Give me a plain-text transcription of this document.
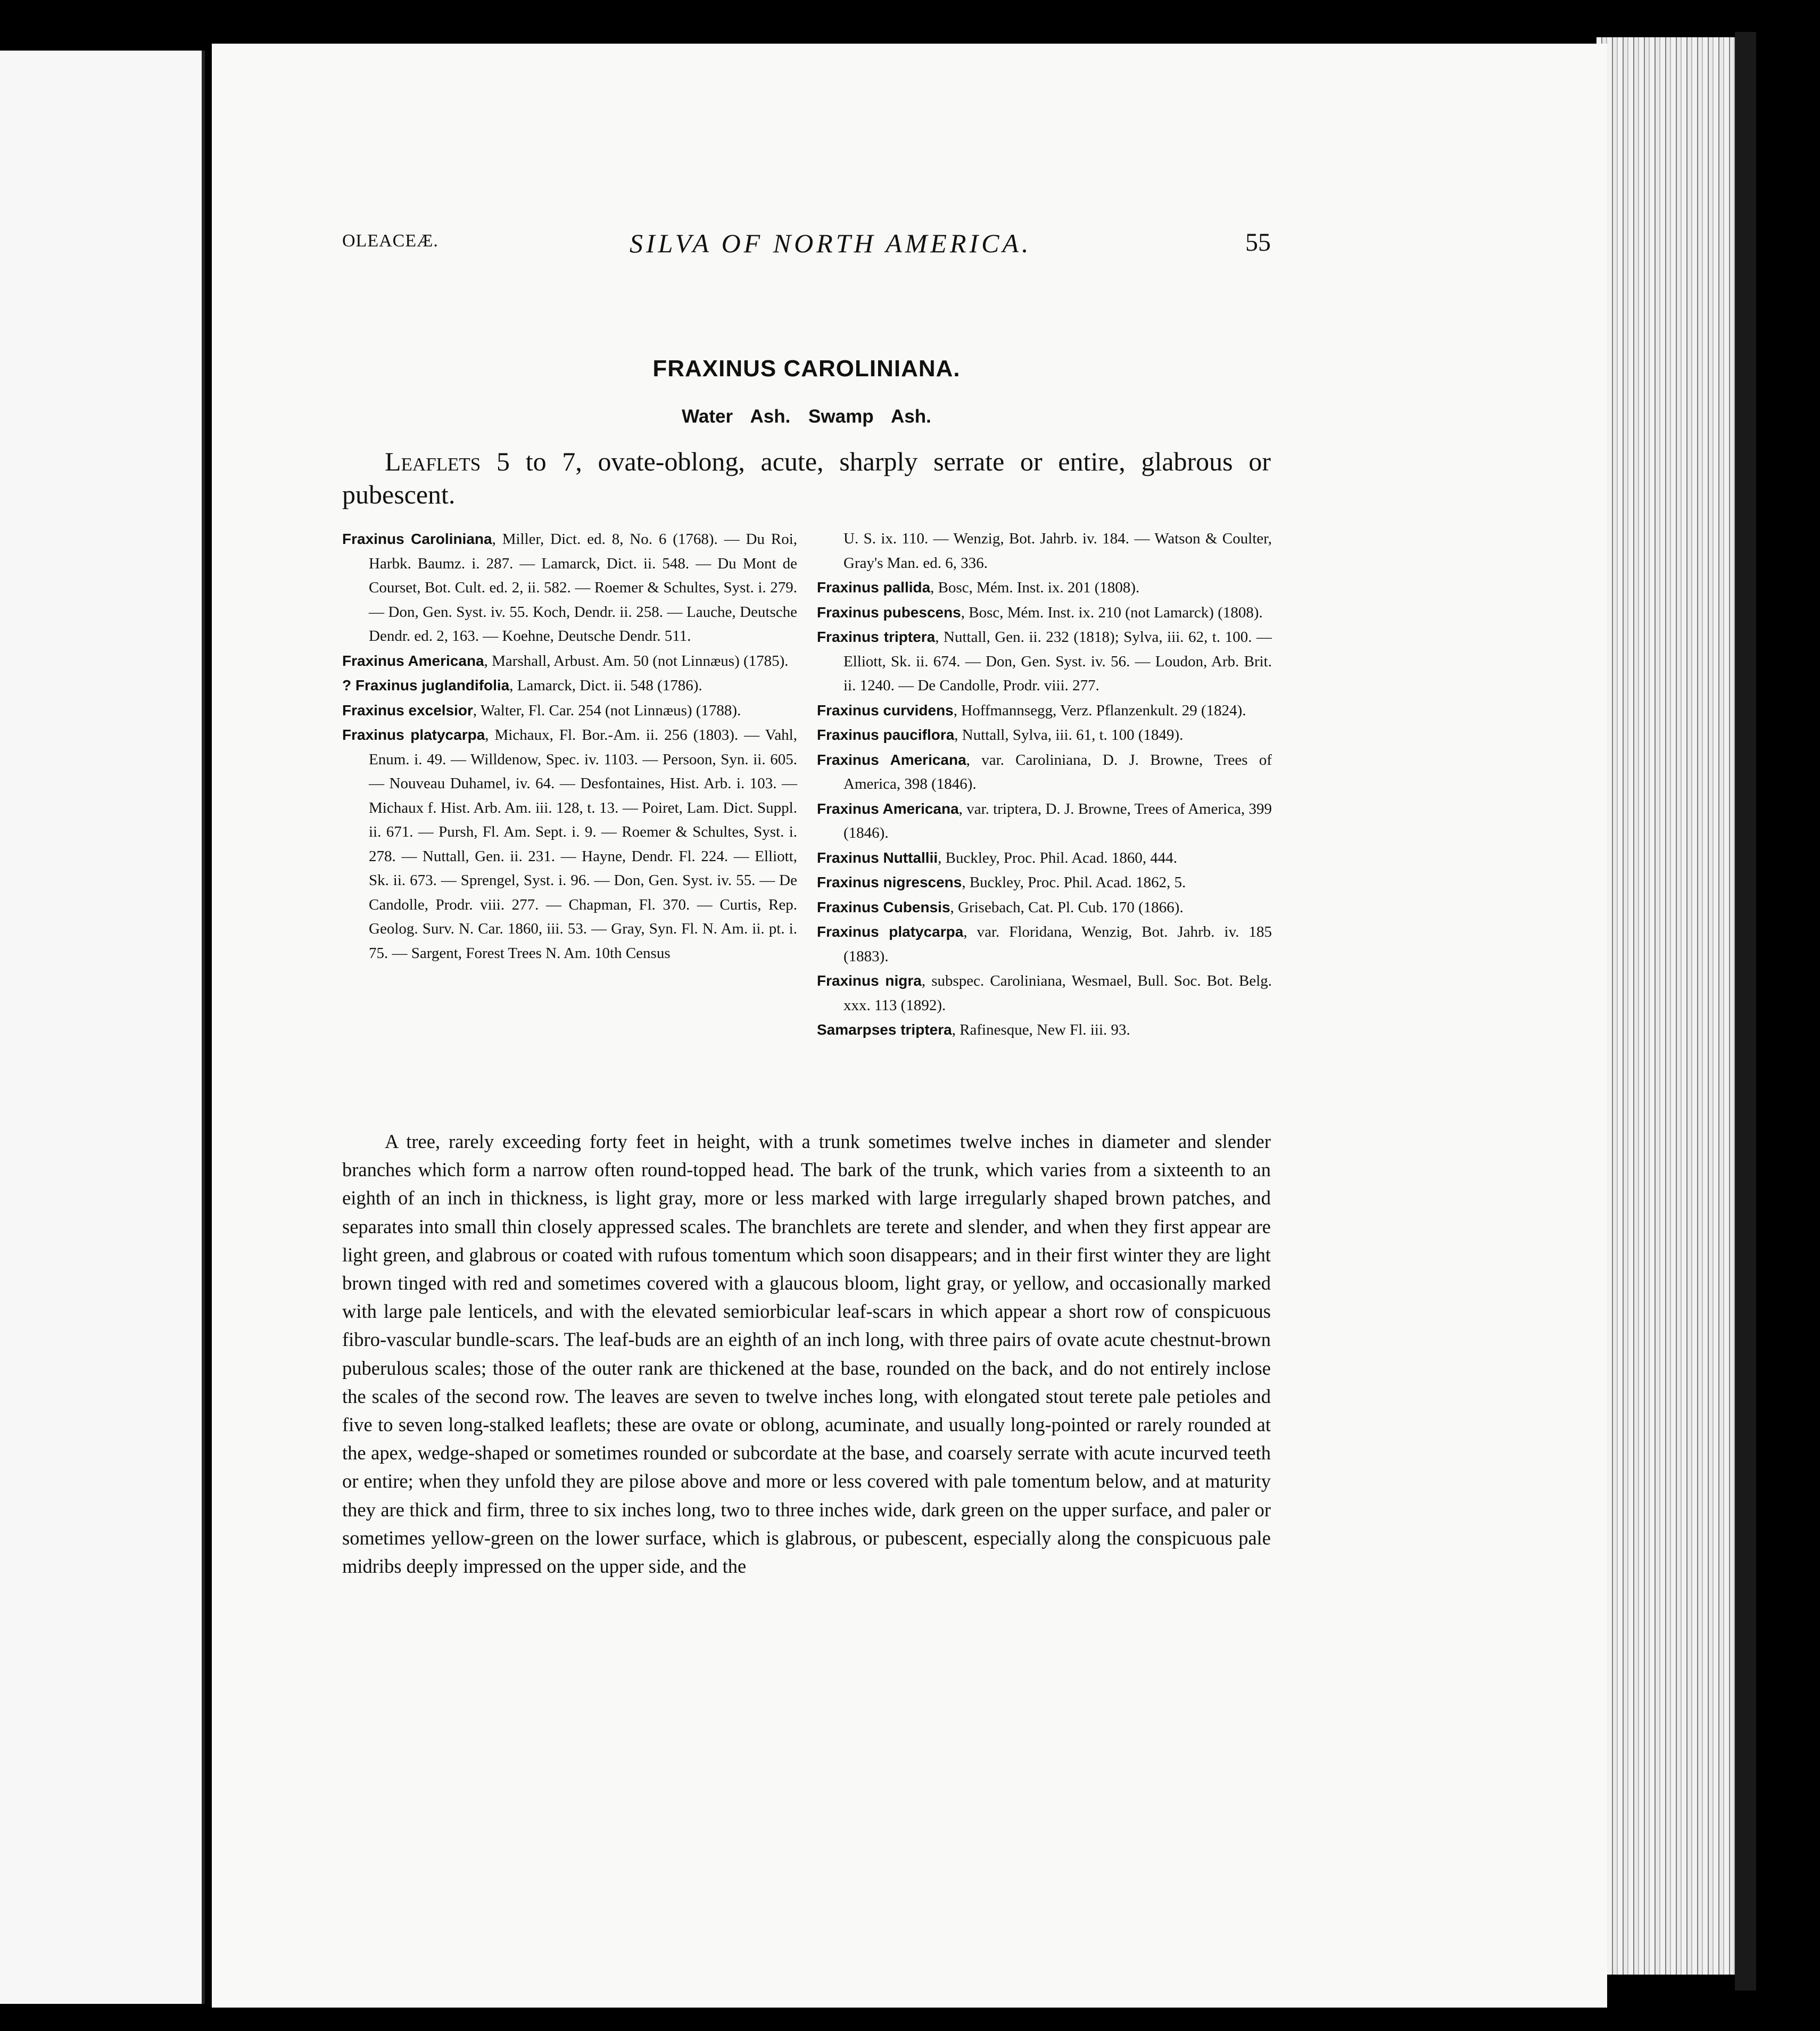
OLEACEÆ.	SILVA OF NORTH AMERICA.	55
FRAXINUS CAROLINIANA.
Water Ash. Swamp Ash.
Leaflets 5 to 7, ovate-oblong, acute, sharply serrate or entire, glabrous or pubescent.

Fraxinus Caroliniana, Miller, Dict. ed. 8, No. 6 (1768). — Du Roi, Harbk. Baumz. i. 287. — Lamarck, Dict. ii. 548. — Du Mont de Courset, Bot. Cult. ed. 2, ii. 582. — Roemer & Schultes, Syst. i. 279. — Don, Gen. Syst. iv. 55. Koch, Dendr. ii. 258. — Lauche, Deutsche Dendr. ed. 2, 163. — Koehne, Deutsche Dendr. 511.

Fraxinus Americana, Marshall, Arbust. Am. 50 (not Linnæus) (1785).

? Fraxinus juglandifolia, Lamarck, Dict. ii. 548 (1786).

Fraxinus excelsior, Walter, Fl. Car. 254 (not Linnæus) (1788).

Fraxinus platycarpa, Michaux, Fl. Bor.-Am. ii. 256 (1803). — Vahl, Enum. i. 49. — Willdenow, Spec. iv. 1103. — Persoon, Syn. ii. 605. — Nouveau Duhamel, iv. 64. — Desfontaines, Hist. Arb. i. 103. — Michaux f. Hist. Arb. Am. iii. 128, t. 13. — Poiret, Lam. Dict. Suppl. ii. 671. — Pursh, Fl. Am. Sept. i. 9. — Roemer & Schultes, Syst. i. 278. — Nuttall, Gen. ii. 231. — Hayne, Dendr. Fl. 224. — Elliott, Sk. ii. 673. — Sprengel, Syst. i. 96. — Don, Gen. Syst. iv. 55. — De Candolle, Prodr. viii. 277. — Chapman, Fl. 370. — Curtis, Rep. Geolog. Surv. N. Car. 1860, iii. 53. — Gray, Syn. Fl. N. Am. ii. pt. i. 75. — Sargent, Forest Trees N. Am. 10th Census

U. S. ix. 110. — Wenzig, Bot. Jahrb. iv. 184. — Watson & Coulter, Gray's Man. ed. 6, 336.

Fraxinus pallida, Bosc, Mém. Inst. ix. 201 (1808).

Fraxinus pubescens, Bosc, Mém. Inst. ix. 210 (not Lamarck) (1808).

Fraxinus triptera, Nuttall, Gen. ii. 232 (1818); Sylva, iii. 62, t. 100. — Elliott, Sk. ii. 674. — Don, Gen. Syst. iv. 56. — Loudon, Arb. Brit. ii. 1240. — De Candolle, Prodr. viii. 277.

Fraxinus curvidens, Hoffmannsegg, Verz. Pflanzenkult. 29 (1824).

Fraxinus pauciflora, Nuttall, Sylva, iii. 61, t. 100 (1849).

Fraxinus Americana, var. Caroliniana, D. J. Browne, Trees of America, 398 (1846).

Fraxinus Americana, var. triptera, D. J. Browne, Trees of America, 399 (1846).

Fraxinus Nuttallii, Buckley, Proc. Phil. Acad. 1860, 444.

Fraxinus nigrescens, Buckley, Proc. Phil. Acad. 1862, 5.

Fraxinus Cubensis, Grisebach, Cat. Pl. Cub. 170 (1866).

Fraxinus platycarpa, var. Floridana, Wenzig, Bot. Jahrb. iv. 185 (1883).

Fraxinus nigra, subspec. Caroliniana, Wesmael, Bull. Soc. Bot. Belg. xxx. 113 (1892).

Samarpses triptera, Rafinesque, New Fl. iii. 93.

A tree, rarely exceeding forty feet in height, with a trunk sometimes twelve inches in diameter and slender branches which form a narrow often round-topped head. The bark of the trunk, which varies from a sixteenth to an eighth of an inch in thickness, is light gray, more or less marked with large irregularly shaped brown patches, and separates into small thin closely appressed scales. The branchlets are terete and slender, and when they first appear are light green, and glabrous or coated with rufous tomentum which soon disappears; and in their first winter they are light brown tinged with red and sometimes covered with a glaucous bloom, light gray, or yellow, and occasionally marked with large pale lenticels, and with the elevated semiorbicular leaf-scars in which appear a short row of conspicuous fibro-vascular bundle-scars. The leaf-buds are an eighth of an inch long, with three pairs of ovate acute chestnut-brown puberulous scales; those of the outer rank are thickened at the base, rounded on the back, and do not entirely inclose the scales of the second row. The leaves are seven to twelve inches long, with elongated stout terete pale petioles and five to seven long-stalked leaflets; these are ovate or oblong, acuminate, and usually long-pointed or rarely rounded at the apex, wedge-shaped or sometimes rounded or subcordate at the base, and coarsely serrate with acute incurved teeth or entire; when they unfold they are pilose above and more or less covered with pale tomentum below, and at maturity they are thick and firm, three to six inches long, two to three inches wide, dark green on the upper surface, and paler or sometimes yellow-green on the lower surface, which is glabrous, or pubescent, especially along the conspicuous pale midribs deeply impressed on the upper side, and the
